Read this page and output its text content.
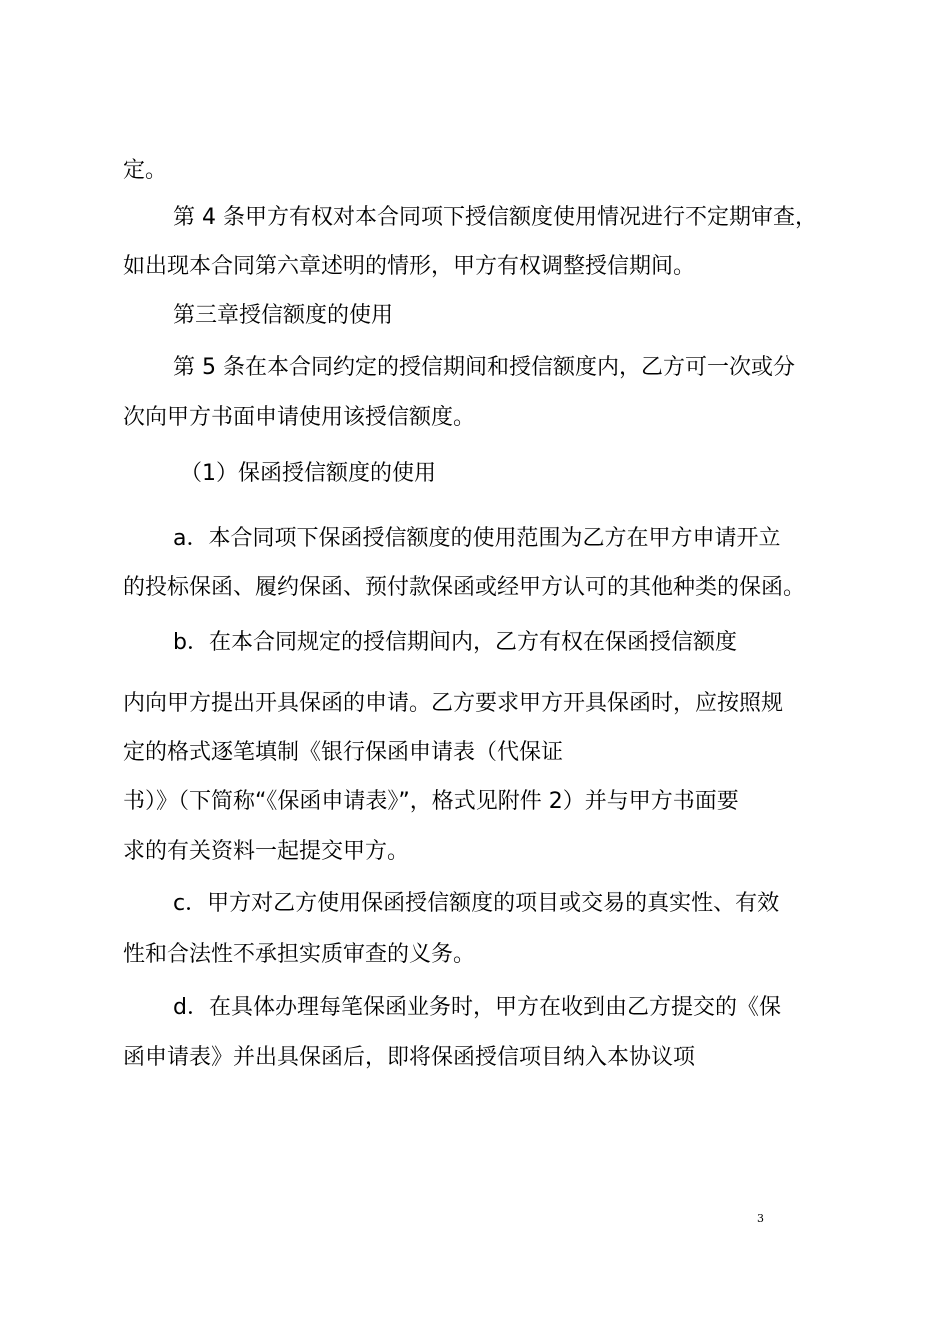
定。
第 4 条甲方有权对本合同项下授信额度使用情况进行不定期审查，
如出现本合同第六章述明的情形，甲方有权调整授信期间。
第三章授信额度的使用
第 5 条在本合同约定的授信期间和授信额度内，乙方可一次或分
次向甲方书面申请使用该授信额度。
（1）保函授信额度的使用
a．本合同项下保函授信额度的使用范围为乙方在甲方申请开立
的投标保函、履约保函、预付款保函或经甲方认可的其他种类的保函。
b．在本合同规定的授信期间内，乙方有权在保函授信额度
内向甲方提出开具保函的申请。乙方要求甲方开具保函时，应按照规
定的格式逐笔填制《银行保函申请表（代保证
书）》（下简称“《保函申请表》”，格式见附件 2）并与甲方书面要
求的有关资料一起提交甲方。
c．甲方对乙方使用保函授信额度的项目或交易的真实性、有效
性和合法性不承担实质审查的义务。
d．在具体办理每笔保函业务时，甲方在收到由乙方提交的《保
函申请表》并出具保函后，即将保函授信项目纳入本协议项
3
